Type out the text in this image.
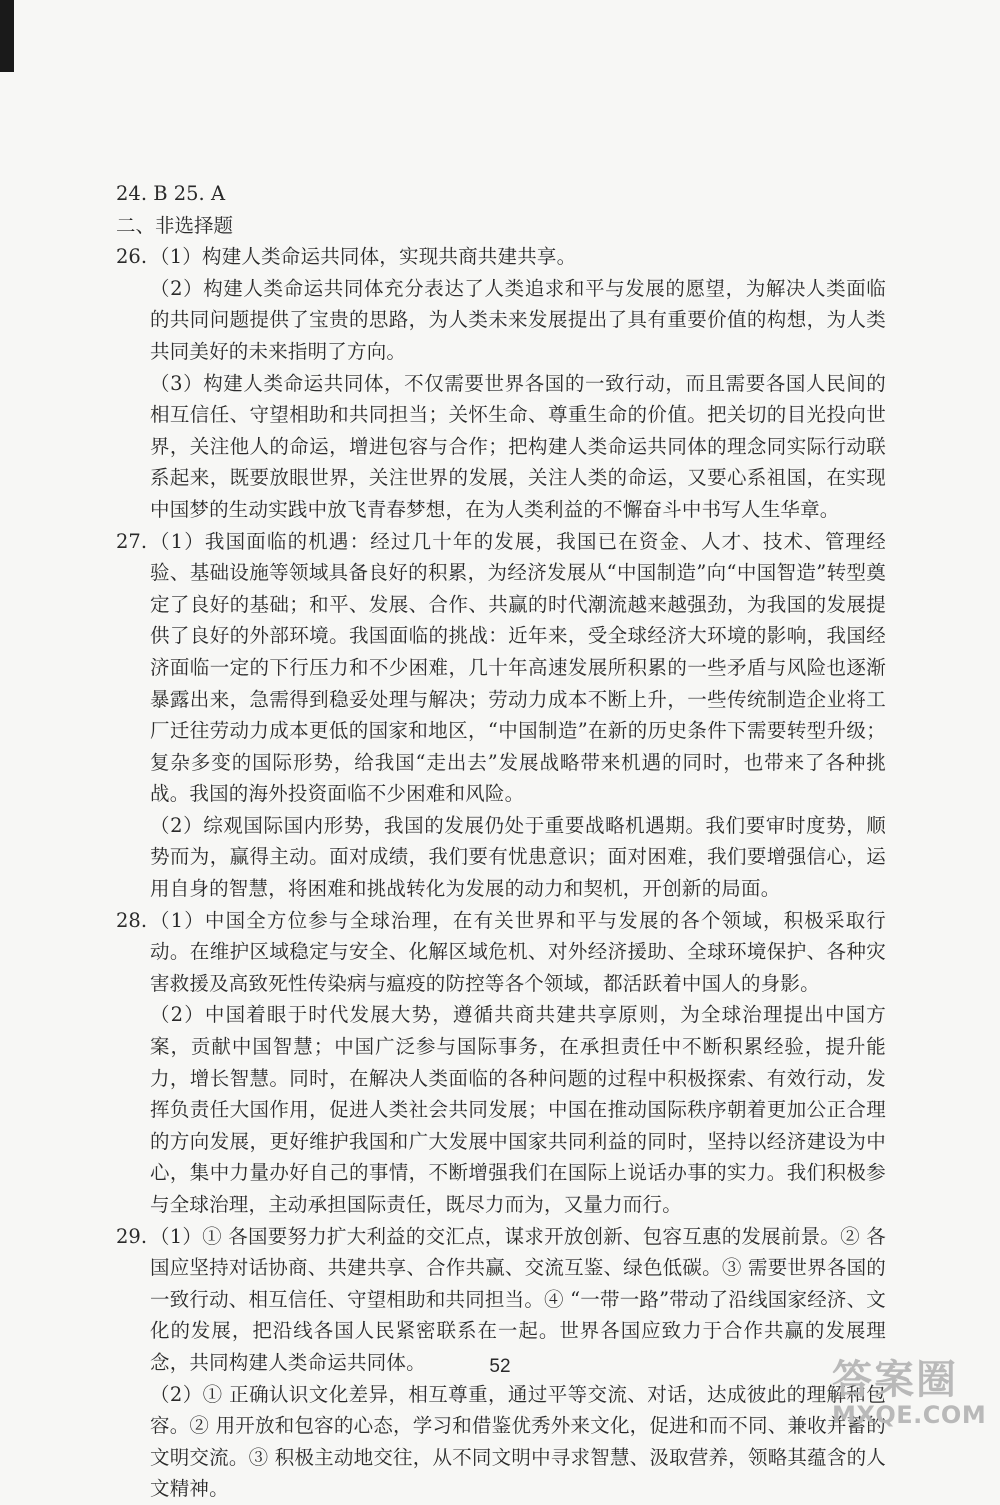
24. B 25. A
二、非选择题
26. （1）构建人类命运共同体，实现共商共建共享。

（2）构建人类命运共同体充分表达了人类追求和平与发展的愿望，为解决人类面临的共同问题提供了宝贵的思路，为人类未来发展提出了具有重要价值的构想，为人类共同美好的未来指明了方向。

（3）构建人类命运共同体，不仅需要世界各国的一致行动，而且需要各国人民间的相互信任、守望相助和共同担当；关怀生命、尊重生命的价值。把关切的目光投向世界，关注他人的命运，增进包容与合作；把构建人类命运共同体的理念同实际行动联系起来，既要放眼世界，关注世界的发展，关注人类的命运，又要心系祖国，在实现中国梦的生动实践中放飞青春梦想，在为人类利益的不懈奋斗中书写人生华章。

27. （1）我国面临的机遇：经过几十年的发展，我国已在资金、人才、技术、管理经验、基础设施等领域具备良好的积累，为经济发展从“中国制造”向“中国智造”转型奠定了良好的基础；和平、发展、合作、共赢的时代潮流越来越强劲，为我国的发展提供了良好的外部环境。我国面临的挑战：近年来，受全球经济大环境的影响，我国经济面临一定的下行压力和不少困难，几十年高速发展所积累的一些矛盾与风险也逐渐暴露出来，急需得到稳妥处理与解决；劳动力成本不断上升，一些传统制造企业将工厂迁往劳动力成本更低的国家和地区，“中国制造”在新的历史条件下需要转型升级；复杂多变的国际形势，给我国“走出去”发展战略带来机遇的同时，也带来了各种挑战。我国的海外投资面临不少困难和风险。

（2）综观国际国内形势，我国的发展仍处于重要战略机遇期。我们要审时度势，顺势而为，赢得主动。面对成绩，我们要有忧患意识；面对困难，我们要增强信心，运用自身的智慧，将困难和挑战转化为发展的动力和契机，开创新的局面。

28. （1）中国全方位参与全球治理，在有关世界和平与发展的各个领域，积极采取行动。在维护区域稳定与安全、化解区域危机、对外经济援助、全球环境保护、各种灾害救援及高致死性传染病与瘟疫的防控等各个领域，都活跃着中国人的身影。

（2）中国着眼于时代发展大势，遵循共商共建共享原则，为全球治理提出中国方案，贡献中国智慧；中国广泛参与国际事务，在承担责任中不断积累经验，提升能力，增长智慧。同时，在解决人类面临的各种问题的过程中积极探索、有效行动，发挥负责任大国作用，促进人类社会共同发展；中国在推动国际秩序朝着更加公正合理的方向发展，更好维护我国和广大发展中国家共同利益的同时，坚持以经济建设为中心，集中力量办好自己的事情，不断增强我们在国际上说话办事的实力。我们积极参与全球治理，主动承担国际责任，既尽力而为，又量力而行。

29. （1）① 各国要努力扩大利益的交汇点，谋求开放创新、包容互惠的发展前景。② 各国应坚持对话协商、共建共享、合作共赢、交流互鉴、绿色低碳。③ 需要世界各国的一致行动、相互信任、守望相助和共同担当。④ “一带一路”带动了沿线国家经济、文化的发展，把沿线各国人民紧密联系在一起。世界各国应致力于合作共赢的发展理念，共同构建人类命运共同体。

（2）① 正确认识文化差异，相互尊重，通过平等交流、对话，达成彼此的理解和包容。② 用开放和包容的心态，学习和借鉴优秀外来文化，促进和而不同、兼收并蓄的文明交流。③ 积极主动地交往，从不同文明中寻求智慧、汲取营养，领略其蕴含的人文精神。

52	答案圈
MXQE.COM
